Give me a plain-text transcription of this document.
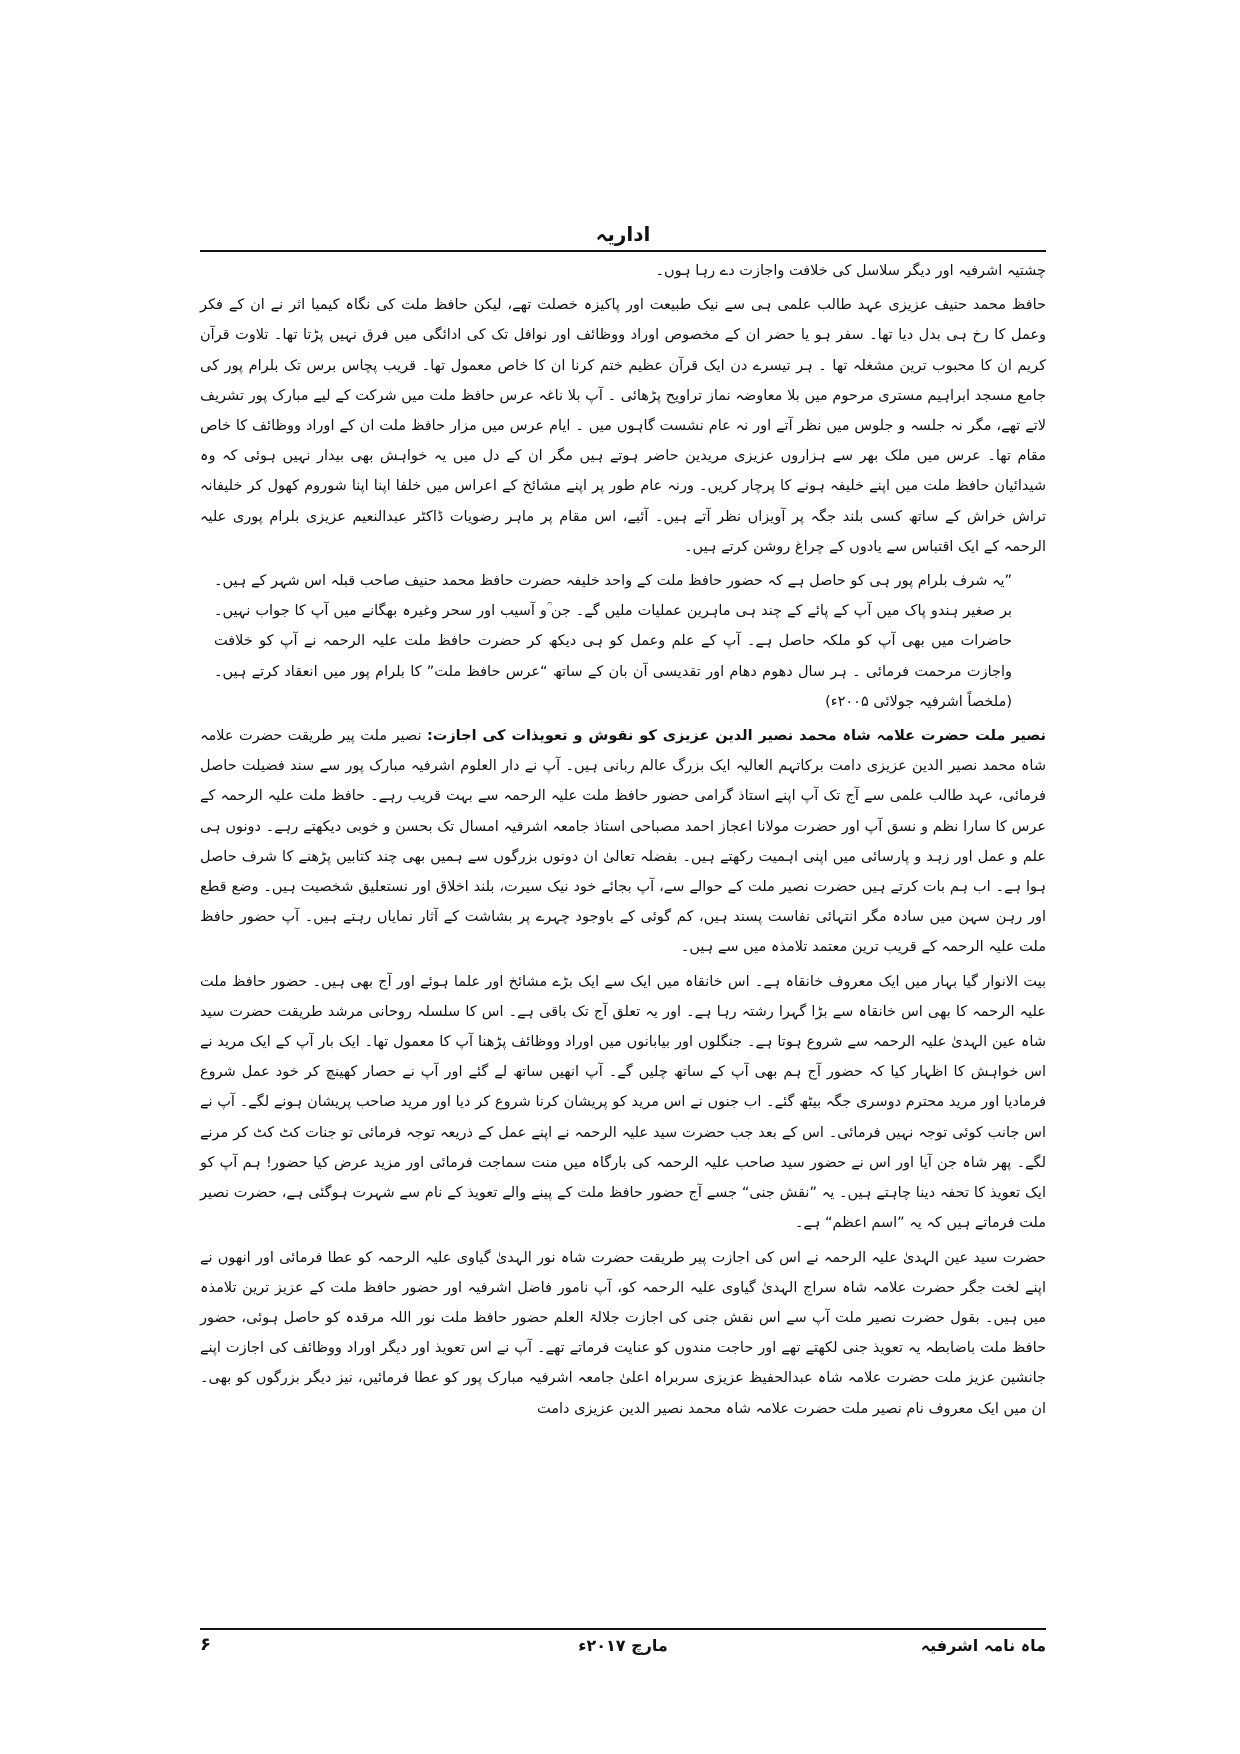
اداریہ

چشتیہ اشرفیہ اور دیگر سلاسل کی خلافت واجازت دے رہا ہوں۔

حافظ محمد حنیف عزیزی عہد طالب علمی ہی سے نیک طبیعت اور پاکیزہ خصلت تھے، لیکن حافظ ملت کی نگاہ کیمیا اثر نے ان کے فکر وعمل کا رخ ہی بدل دیا تھا۔ سفر ہو یا حضر ان کے مخصوص اوراد ووظائف اور نوافل تک کی ادائگی میں فرق نہیں پڑتا تھا۔ تلاوت قرآن کریم ان کا محبوب ترین مشغلہ تھا ۔ ہر تیسرے دن ایک قرآن عظیم ختم کرنا ان کا خاص معمول تھا۔ قریب پچاس برس تک بلرام پور کی جامع مسجد ابراہیم مستری مرحوم میں بلا معاوضہ نماز تراویح پڑھائی ۔ آپ بلا ناغہ عرس حافظ ملت میں شرکت کے لیے مبارک پور تشریف لاتے تھے، مگر نہ جلسہ و جلوس میں نظر آتے اور نہ عام نشست گاہوں میں ۔ ایام عرس میں مزار حافظ ملت ان کے اوراد ووظائف کا خاص مقام تھا۔ عرس میں ملک بھر سے ہزاروں عزیزی مریدین حاضر ہوتے ہیں مگر ان کے دل میں یہ خواہش بھی بیدار نہیں ہوئی کہ وہ شیدائیان حافظ ملت میں اپنے خلیفہ ہونے کا پرچار کریں۔ ورنہ عام طور پر اپنے مشائخ کے اعراس میں خلفا اپنا اپنا شوروم کھول کر خلیفانہ تراش خراش کے ساتھ کسی بلند جگہ پر آویزاں نظر آتے ہیں۔ آئیے، اس مقام پر ماہر رضویات ڈاکٹر عبدالنعیم عزیزی بلرام پوری علیہ الرحمہ کے ایک اقتباس سے یادوں کے چراغ روشن کرتے ہیں۔

”یہ شرف بلرام پور ہی کو حاصل ہے کہ حضور حافظ ملت کے واحد خلیفہ حضرت حافظ محمد حنیف صاحب قبلہ اس شہر کے ہیں۔ بر صغیر ہندو پاک میں آپ کے پائے کے چند ہی ماہرین عملیات ملیں گے۔ جن ؒو آسیب اور سحر وغیرہ بھگانے میں آپ کا جواب نہیں۔ حاضرات میں بھی آپ کو ملکہ حاصل ہے۔ آپ کے علم وعمل کو ہی دیکھ کر حضرت حافظ ملت علیہ الرحمہ نے آپ کو خلافت واجازت مرحمت فرمائی ۔ ہر سال دھوم دھام اور تقدیسی آن بان کے ساتھ “عرس حافظ ملت” کا بلرام پور میں انعقاد کرتے ہیں۔ (ملخصاً اشرفیہ جولائی ۲۰۰۵ء)

نصیر ملت حضرت علامہ شاہ محمد نصیر الدین عزیزی کو نقوش و تعویذات کی اجازت: نصیر ملت پیر طریقت حضرت علامہ شاہ محمد نصیر الدین عزیزی دامت برکاتہم العالیہ ایک بزرگ عالم ربانی ہیں۔ آپ نے دار العلوم اشرفیہ مبارک پور سے سند فضیلت حاصل فرمائی، عہد طالب علمی سے آج تک آپ اپنے استاذ گرامی حضور حافظ ملت علیہ الرحمہ سے بہت قریب رہے۔ حافظ ملت علیہ الرحمہ کے عرس کا سارا نظم و نسق آپ اور حضرت مولانا اعجاز احمد مصباحی استاذ جامعہ اشرفیہ امسال تک بحسن و خوبی دیکھتے رہے۔ دونوں ہی علم و عمل اور زہد و پارسائی میں اپنی اہمیت رکھتے ہیں۔ بفضلہ تعالیٰ ان دونوں بزرگوں سے ہمیں بھی چند کتابیں پڑھنے کا شرف حاصل ہوا ہے۔ اب ہم بات کرتے ہیں حضرت نصیر ملت کے حوالے سے، آپ بجائے خود نیک سیرت، بلند اخلاق اور نستعلیق شخصیت ہیں۔ وضع قطع اور رہن سہن میں سادہ مگر انتہائی نفاست پسند ہیں، کم گوئی کے باوجود چہرے پر بشاشت کے آثار نمایاں رہتے ہیں۔ آپ حضور حافظ ملت علیہ الرحمہ کے قریب ترین معتمد تلامذہ میں سے ہیں۔

بیت الانوار گیا بہار میں ایک معروف خانقاہ ہے۔ اس خانقاہ میں ایک سے ایک بڑے مشائخ اور علما ہوئے اور آج بھی ہیں۔ حضور حافظ ملت علیہ الرحمہ کا بھی اس خانقاہ سے بڑا گہرا رشتہ رہا ہے۔ اور یہ تعلق آج تک باقی ہے۔ اس کا سلسلہ روحانی مرشد طریقت حضرت سید شاہ عین الہدیٰ علیہ الرحمہ سے شروع ہوتا ہے۔ جنگلوں اور بیابانوں میں اوراد ووظائف پڑھنا آپ کا معمول تھا۔ ایک بار آپ کے ایک مرید نے اس خواہش کا اظہار کیا کہ حضور آج ہم بھی آپ کے ساتھ چلیں گے۔ آپ انھیں ساتھ لے گئے اور آپ نے حصار کھینچ کر خود عمل شروع فرمادیا اور مرید محترم دوسری جگہ بیٹھ گئے۔ اب جنوں نے اس مرید کو پریشان کرنا شروع کر دیا اور مرید صاحب پریشان ہونے لگے۔ آپ نے اس جانب کوئی توجہ نہیں فرمائی۔ اس کے بعد جب حضرت سید علیہ الرحمہ نے اپنے عمل کے ذریعہ توجہ فرمائی تو جنات کٹ کٹ کر مرنے لگے۔ پھر شاہ جن آیا اور اس نے حضور سید صاحب علیہ الرحمہ کی بارگاہ میں منت سماجت فرمائی اور مزید عرض کیا حضور! ہم آپ کو ایک تعویذ کا تحفہ دینا چاہتے ہیں۔ یہ ”نقش جنی“ جسے آج حضور حافظ ملت کے پینے والے تعویذ کے نام سے شہرت ہوگئی ہے، حضرت نصیر ملت فرماتے ہیں کہ یہ ”اسم اعظم“ ہے۔

حضرت سید عین الہدیٰ علیہ الرحمہ نے اس کی اجازت پیر طریقت حضرت شاہ نور الہدیٰ گیاوی علیہ الرحمہ کو عطا فرمائی اور انھوں نے اپنے لخت جگر حضرت علامہ شاہ سراج الہدیٰ گیاوی علیہ الرحمہ کو، آپ نامور فاضل اشرفیہ اور حضور حافظ ملت کے عزیز ترین تلامذہ میں ہیں۔ بقول حضرت نصیر ملت آپ سے اس نقش جنی کی اجازت جلالۃ العلم حضور حافظ ملت نور اللہ مرقدہ کو حاصل ہوئی، حضور حافظ ملت باضابطہ یہ تعویذ جنی لکھتے تھے اور حاجت مندوں کو عنایت فرماتے تھے۔ آپ نے اس تعویذ اور دیگر اوراد ووظائف کی اجازت اپنے جانشین عزیز ملت حضرت علامہ شاہ عبدالحفیظ عزیزی سربراہ اعلیٰ جامعہ اشرفیہ مبارک پور کو عطا فرمائیں، نیز دیگر بزرگوں کو بھی۔ ان میں ایک معروف نام نصیر ملت حضرت علامہ شاہ محمد نصیر الدین عزیزی دامت

ماہ نامہ اشرفیہ
مارچ ۲۰۱۷ء
۶
